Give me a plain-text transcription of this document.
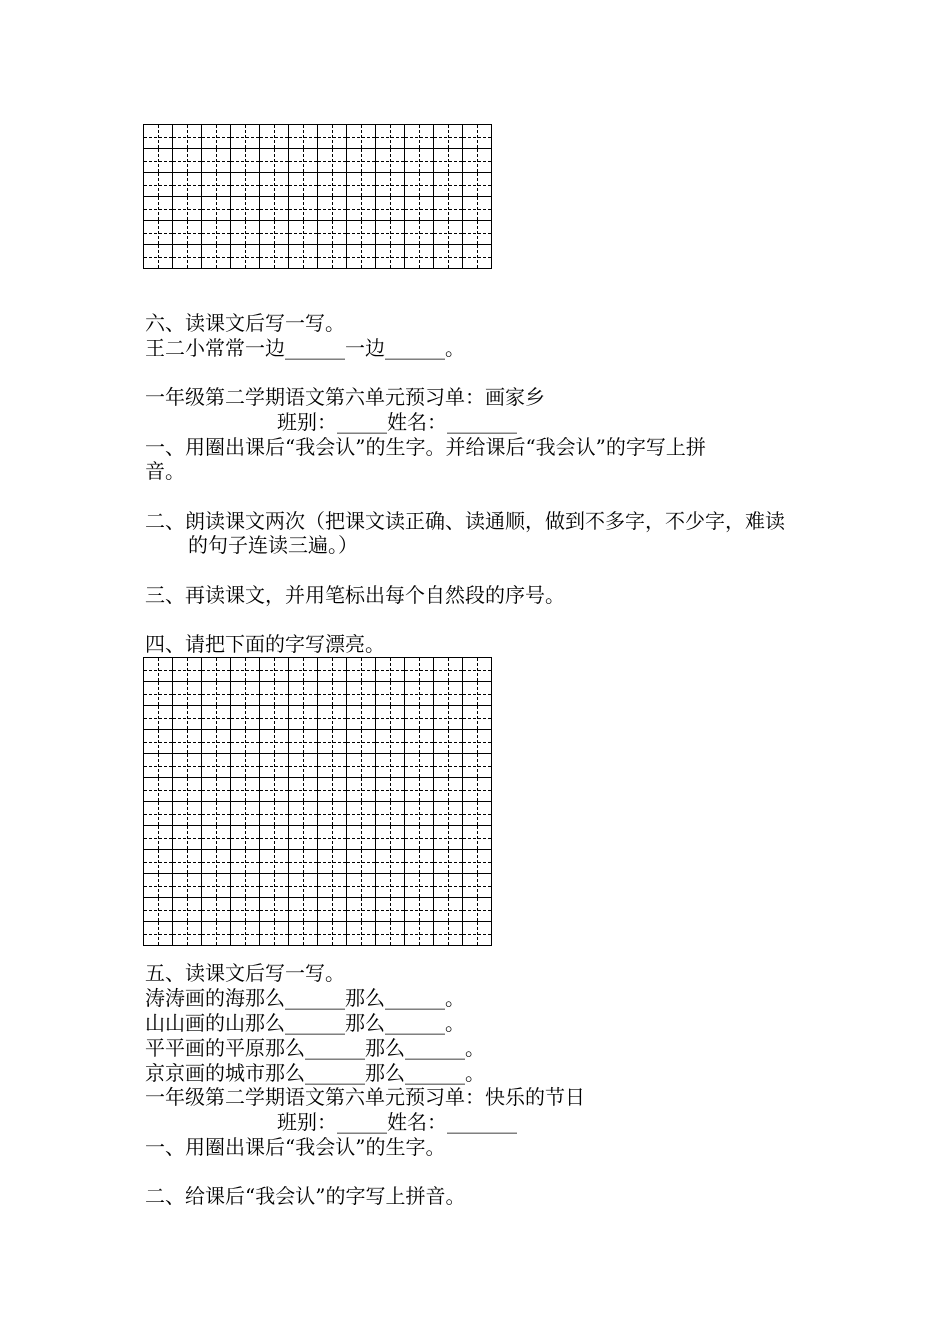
六、读课文后写一写。
王二小常常一边______一边______。
一年级第二学期语文第六单元预习单：画家乡
班别：_____姓名：_______
一、用圈出课后“我会认”的生字。并给课后“我会认”的字写上拼
音。
二、朗读课文两次（把课文读正确、读通顺，做到不多字，不少字，难读
的句子连读三遍。）
三、再读课文，并用笔标出每个自然段的序号。
四、请把下面的字写漂亮。
五、读课文后写一写。
涛涛画的海那么______那么______。
山山画的山那么______那么______。
平平画的平原那么______那么______。
京京画的城市那么______那么______。
一年级第二学期语文第六单元预习单：快乐的节日
班别：_____姓名：_______
一、用圈出课后“我会认”的生字。
二、给课后“我会认”的字写上拼音。
